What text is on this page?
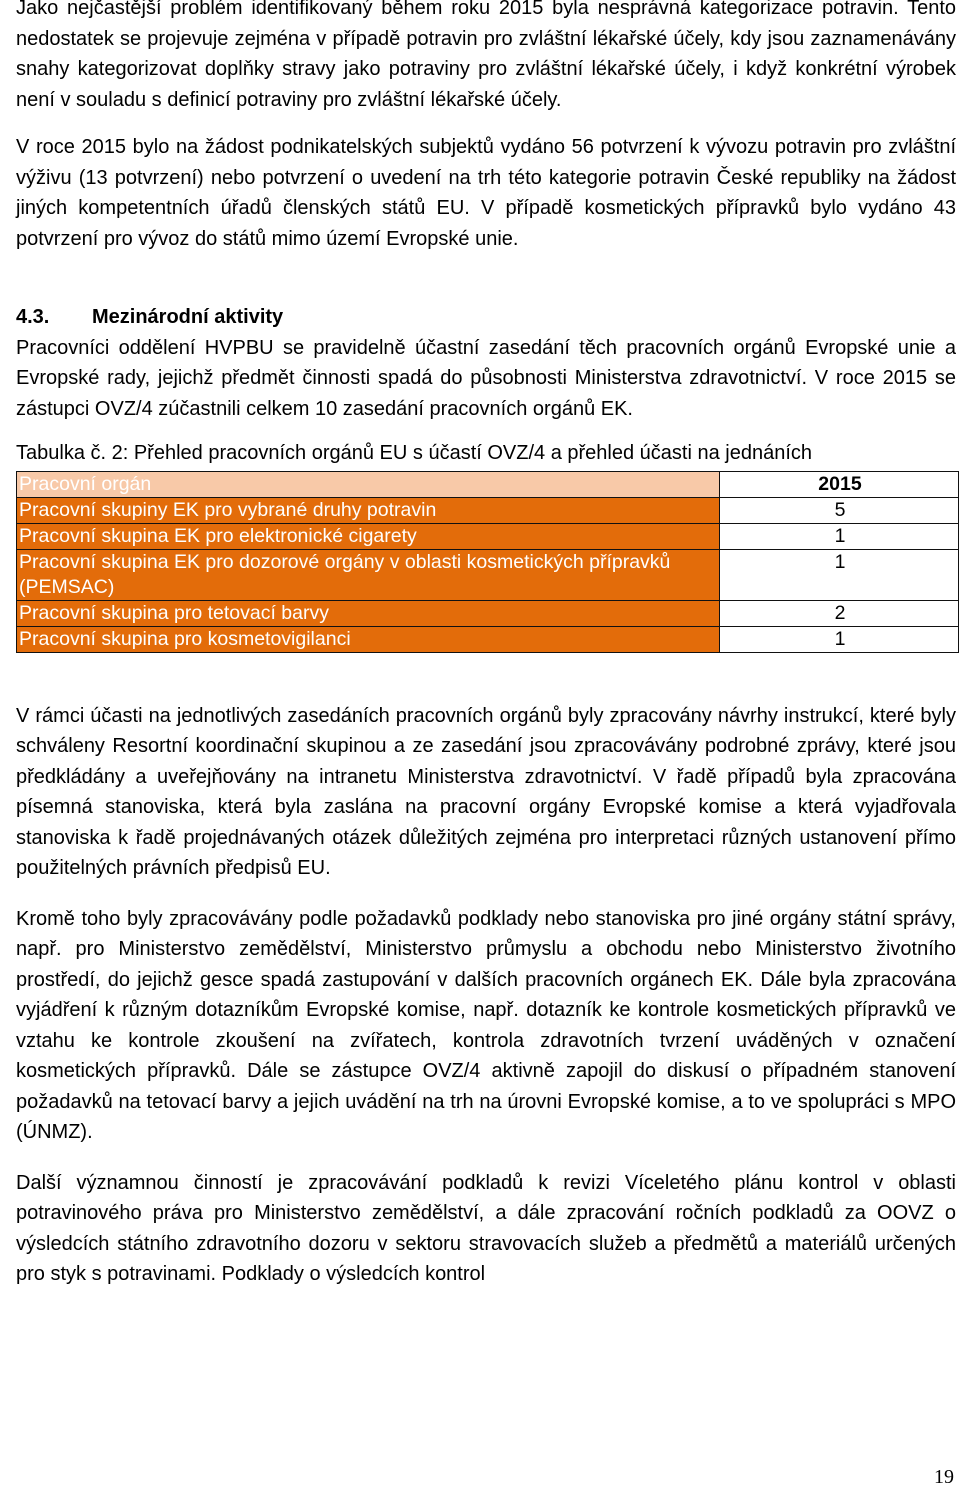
Jako nejčastější problém identifikovaný během roku 2015 byla nesprávná kategorizace potravin. Tento nedostatek se projevuje zejména v případě potravin pro zvláštní lékařské účely, kdy jsou zaznamenávány snahy kategorizovat doplňky stravy jako potraviny pro zvláštní lékařské účely, i když konkrétní výrobek není v souladu s definicí potraviny pro zvláštní lékařské účely.

V roce 2015 bylo na žádost podnikatelských subjektů vydáno 56 potvrzení k vývozu potravin pro zvláštní výživu (13 potvrzení) nebo potvrzení o uvedení na trh této kategorie potravin České republiky na žádost jiných kompetentních úřadů členských států EU. V případě kosmetických přípravků bylo vydáno 43 potvrzení pro vývoz do států mimo území Evropské unie.

4.3. Mezinárodní aktivity

Pracovníci oddělení HVPBU se pravidelně účastní zasedání těch pracovních orgánů Evropské unie a Evropské rady, jejichž předmět činnosti spadá do působnosti Ministerstva zdravotnictví. V roce 2015 se zástupci OVZ/4 zúčastnili celkem 10 zasedání pracovních orgánů EK.

Tabulka č. 2: Přehled pracovních orgánů EU s účastí OVZ/4 a přehled účasti na jednáních
Pracovní orgán	2015
Pracovní skupiny EK pro vybrané druhy potravin	5
Pracovní skupina EK pro elektronické cigarety	1
Pracovní skupina EK pro dozorové orgány v oblasti kosmetických přípravků (PEMSAC)	1
Pracovní skupina pro tetovací barvy	2
Pracovní skupina pro kosmetovigilanci	1

V rámci účasti na jednotlivých zasedáních pracovních orgánů byly zpracovány návrhy instrukcí, které byly schváleny Resortní koordinační skupinou a ze zasedání jsou zpracovávány podrobné zprávy, které jsou předkládány a uveřejňovány na intranetu Ministerstva zdravotnictví. V řadě případů byla zpracována písemná stanoviska, která byla zaslána na pracovní orgány Evropské komise a která vyjadřovala stanoviska k řadě projednávaných otázek důležitých zejména pro interpretaci různých ustanovení přímo použitelných právních předpisů EU.

Kromě toho byly zpracovávány podle požadavků podklady nebo stanoviska pro jiné orgány státní správy, např. pro Ministerstvo zemědělství, Ministerstvo průmyslu a obchodu nebo Ministerstvo životního prostředí, do jejichž gesce spadá zastupování v dalších pracovních orgánech EK. Dále byla zpracována vyjádření k různým dotazníkům Evropské komise, např. dotazník ke kontrole kosmetických přípravků ve vztahu ke kontrole zkoušení na zvířatech, kontrola zdravotních tvrzení uváděných v označení kosmetických přípravků. Dále se zástupce OVZ/4 aktivně zapojil do diskusí o případném stanovení požadavků na tetovací barvy a jejich uvádění na trh na úrovni Evropské komise, a to ve spolupráci s MPO (ÚNMZ).

Další významnou činností je zpracovávání podkladů k revizi Víceletého plánu kontrol v oblasti potravinového práva pro Ministerstvo zemědělství, a dále zpracování ročních podkladů za OOVZ o výsledcích státního zdravotního dozoru v sektoru stravovacích služeb a předmětů a materiálů určených pro styk s potravinami. Podklady o výsledcích kontrol

19
